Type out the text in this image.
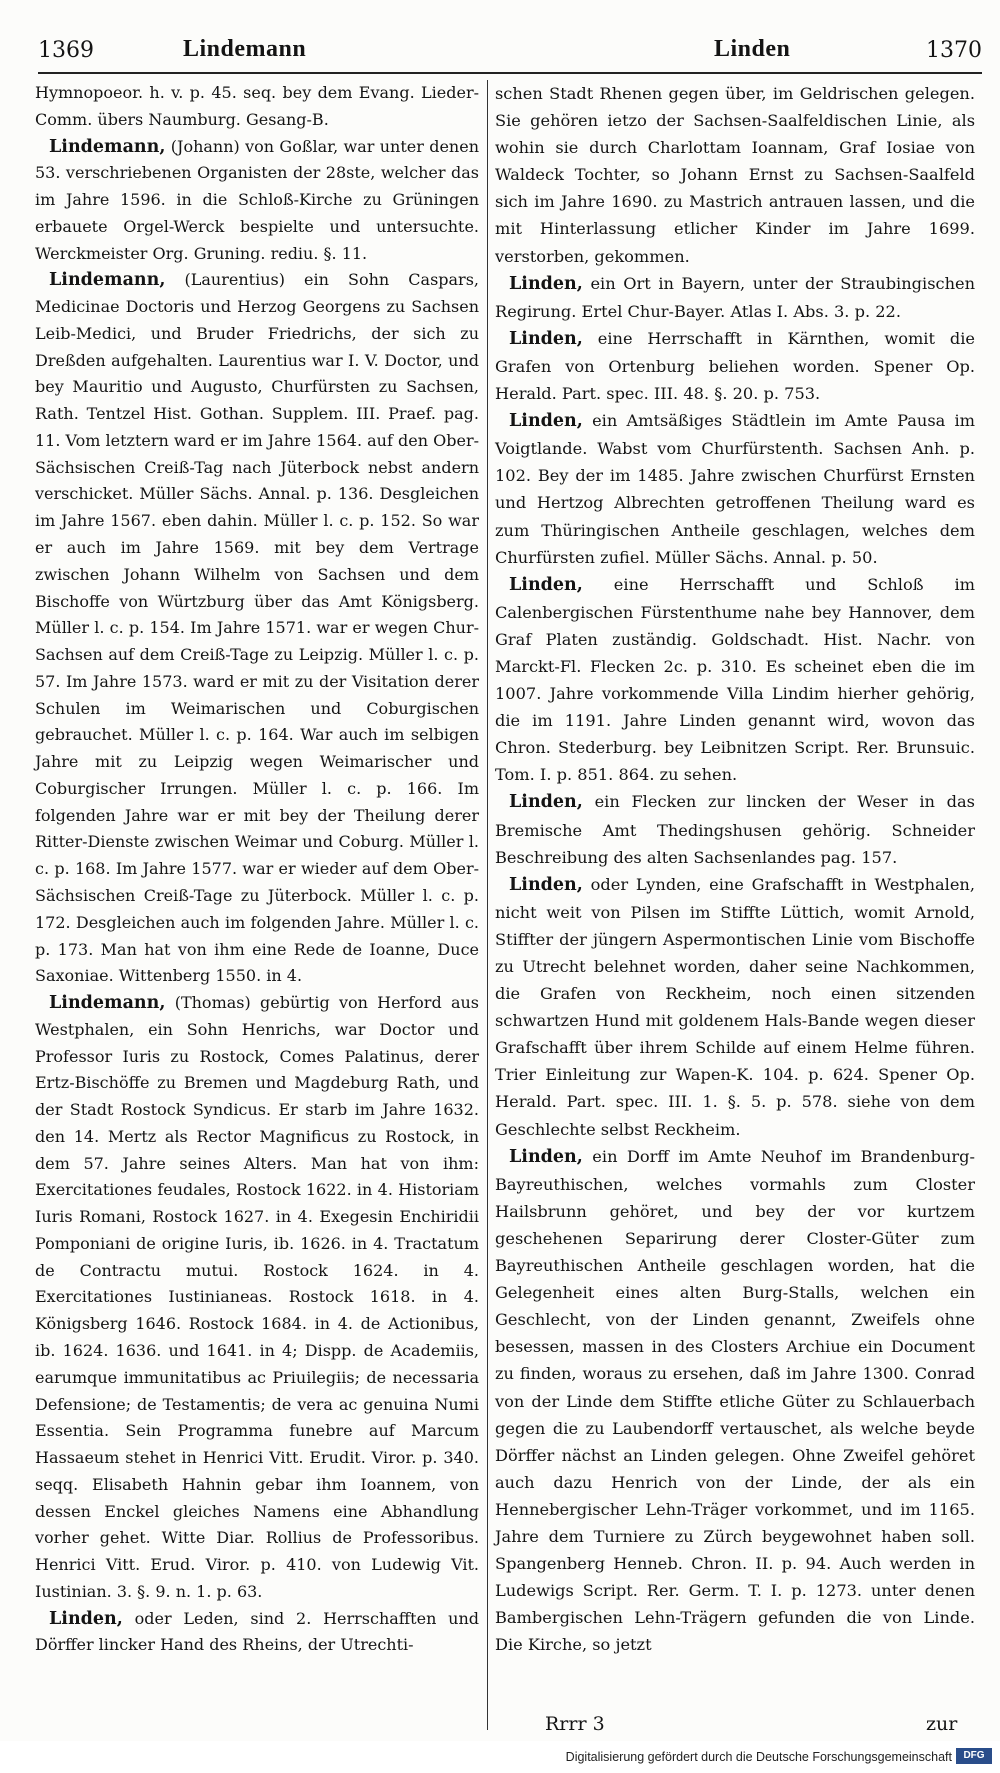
1369	Lindemann	Linden	1370

Hymnopoeor. h. v. p. 45. seq. bey dem Evang. Lieder-Comm. übers Naumburg. Gesang-B.

Lindemann, (Johann) von Goßlar, war unter denen 53. verschriebenen Organisten der 28ste, welcher das im Jahre 1596. in die Schloß-Kirche zu Grüningen erbauete Orgel-Werck bespielte und untersuchte. Werckmeister Org. Gruning. rediu. §. 11.

Lindemann, (Laurentius) ein Sohn Caspars, Medicinae Doctoris und Herzog Georgens zu Sachsen Leib-Medici, und Bruder Friedrichs, der sich zu Dreßden aufgehalten. Laurentius war I. V. Doctor, und bey Mauritio und Augusto, Churfürsten zu Sachsen, Rath. Tentzel Hist. Gothan. Supplem. III. Praef. pag. 11. Vom letztern ward er im Jahre 1564. auf den Ober-Sächsischen Creiß-Tag nach Jüterbock nebst andern verschicket. Müller Sächs. Annal. p. 136. Desgleichen im Jahre 1567. eben dahin. Müller l. c. p. 152. So war er auch im Jahre 1569. mit bey dem Vertrage zwischen Johann Wilhelm von Sachsen und dem Bischoffe von Würtzburg über das Amt Königsberg. Müller l. c. p. 154. Im Jahre 1571. war er wegen Chur-Sachsen auf dem Creiß-Tage zu Leipzig. Müller l. c. p. 57. Im Jahre 1573. ward er mit zu der Visitation derer Schulen im Weimarischen und Coburgischen gebrauchet. Müller l. c. p. 164. War auch im selbigen Jahre mit zu Leipzig wegen Weimarischer und Coburgischer Irrungen. Müller l. c. p. 166. Im folgenden Jahre war er mit bey der Theilung derer Ritter-Dienste zwischen Weimar und Coburg. Müller l. c. p. 168. Im Jahre 1577. war er wieder auf dem Ober-Sächsischen Creiß-Tage zu Jüterbock. Müller l. c. p. 172. Desgleichen auch im folgenden Jahre. Müller l. c. p. 173. Man hat von ihm eine Rede de Ioanne, Duce Saxoniae. Wittenberg 1550. in 4.

Lindemann, (Thomas) gebürtig von Herford aus Westphalen, ein Sohn Henrichs, war Doctor und Professor Iuris zu Rostock, Comes Palatinus, derer Ertz-Bischöffe zu Bremen und Magdeburg Rath, und der Stadt Rostock Syndicus. Er starb im Jahre 1632. den 14. Mertz als Rector Magnificus zu Rostock, in dem 57. Jahre seines Alters. Man hat von ihm: Exercitationes feudales, Rostock 1622. in 4. Historiam Iuris Romani, Rostock 1627. in 4. Exegesin Enchiridii Pomponiani de origine Iuris, ib. 1626. in 4. Tractatum de Contractu mutui. Rostock 1624. in 4. Exercitationes Iustinianeas. Rostock 1618. in 4. Königsberg 1646. Rostock 1684. in 4. de Actionibus, ib. 1624. 1636. und 1641. in 4; Dispp. de Academiis, earumque immunitatibus ac Priuilegiis; de necessaria Defensione; de Testamentis; de vera ac genuina Numi Essentia. Sein Programma funebre auf Marcum Hassaeum stehet in Henrici Vitt. Erudit. Viror. p. 340. seqq. Elisabeth Hahnin gebar ihm Ioannem, von dessen Enckel gleiches Namens eine Abhandlung vorher gehet. Witte Diar. Rollius de Professoribus. Henrici Vitt. Erud. Viror. p. 410. von Ludewig Vit. Iustinian. 3. §. 9. n. 1. p. 63.

Linden, oder Leden, sind 2. Herrschafften und Dörffer lincker Hand des Rheins, der Utrechti-

schen Stadt Rhenen gegen über, im Geldrischen gelegen. Sie gehören ietzo der Sachsen-Saalfeldischen Linie, als wohin sie durch Charlottam Ioannam, Graf Iosiae von Waldeck Tochter, so Johann Ernst zu Sachsen-Saalfeld sich im Jahre 1690. zu Mastrich antrauen lassen, und die mit Hinterlassung etlicher Kinder im Jahre 1699. verstorben, gekommen.

Linden, ein Ort in Bayern, unter der Straubingischen Regirung. Ertel Chur-Bayer. Atlas I. Abs. 3. p. 22.

Linden, eine Herrschafft in Kärnthen, womit die Grafen von Ortenburg beliehen worden. Spener Op. Herald. Part. spec. III. 48. §. 20. p. 753.

Linden, ein Amtsäßiges Städtlein im Amte Pausa im Voigtlande. Wabst vom Churfürstenth. Sachsen Anh. p. 102. Bey der im 1485. Jahre zwischen Churfürst Ernsten und Hertzog Albrechten getroffenen Theilung ward es zum Thüringischen Antheile geschlagen, welches dem Churfürsten zufiel. Müller Sächs. Annal. p. 50.

Linden, eine Herrschafft und Schloß im Calenbergischen Fürstenthume nahe bey Hannover, dem Graf Platen zuständig. Goldschadt. Hist. Nachr. von Marckt-Fl. Flecken 2c. p. 310. Es scheinet eben die im 1007. Jahre vorkommende Villa Lindim hierher gehörig, die im 1191. Jahre Linden genannt wird, wovon das Chron. Stederburg. bey Leibnitzen Script. Rer. Brunsuic. Tom. I. p. 851. 864. zu sehen.

Linden, ein Flecken zur lincken der Weser in das Bremische Amt Thedingshusen gehörig. Schneider Beschreibung des alten Sachsenlandes pag. 157.

Linden, oder Lynden, eine Grafschafft in Westphalen, nicht weit von Pilsen im Stiffte Lüttich, womit Arnold, Stiffter der jüngern Aspermontischen Linie vom Bischoffe zu Utrecht belehnet worden, daher seine Nachkommen, die Grafen von Reckheim, noch einen sitzenden schwartzen Hund mit goldenem Hals-Bande wegen dieser Grafschafft über ihrem Schilde auf einem Helme führen. Trier Einleitung zur Wapen-K. 104. p. 624. Spener Op. Herald. Part. spec. III. 1. §. 5. p. 578. siehe von dem Geschlechte selbst Reckheim.

Linden, ein Dorff im Amte Neuhof im Brandenburg-Bayreuthischen, welches vormahls zum Closter Hailsbrunn gehöret, und bey der vor kurtzem geschehenen Separirung derer Closter-Güter zum Bayreuthischen Antheile geschlagen worden, hat die Gelegenheit eines alten Burg-Stalls, welchen ein Geschlecht, von der Linden genannt, Zweifels ohne besessen, massen in des Closters Archiue ein Document zu finden, woraus zu ersehen, daß im Jahre 1300. Conrad von der Linde dem Stiffte etliche Güter zu Schlauerbach gegen die zu Laubendorff vertauschet, als welche beyde Dörffer nächst an Linden gelegen. Ohne Zweifel gehöret auch dazu Henrich von der Linde, der als ein Hennebergischer Lehn-Träger vorkommet, und im 1165. Jahre dem Turniere zu Zürch beygewohnet haben soll. Spangenberg Henneb. Chron. II. p. 94. Auch werden in Ludewigs Script. Rer. Germ. T. I. p. 1273. unter denen Bambergischen Lehn-Trägern gefunden die von Linde. Die Kirche, so jetzt

Rrrr 3	zur
Digitalisierung gefördert durch die Deutsche Forschungsgemeinschaft	DFG
